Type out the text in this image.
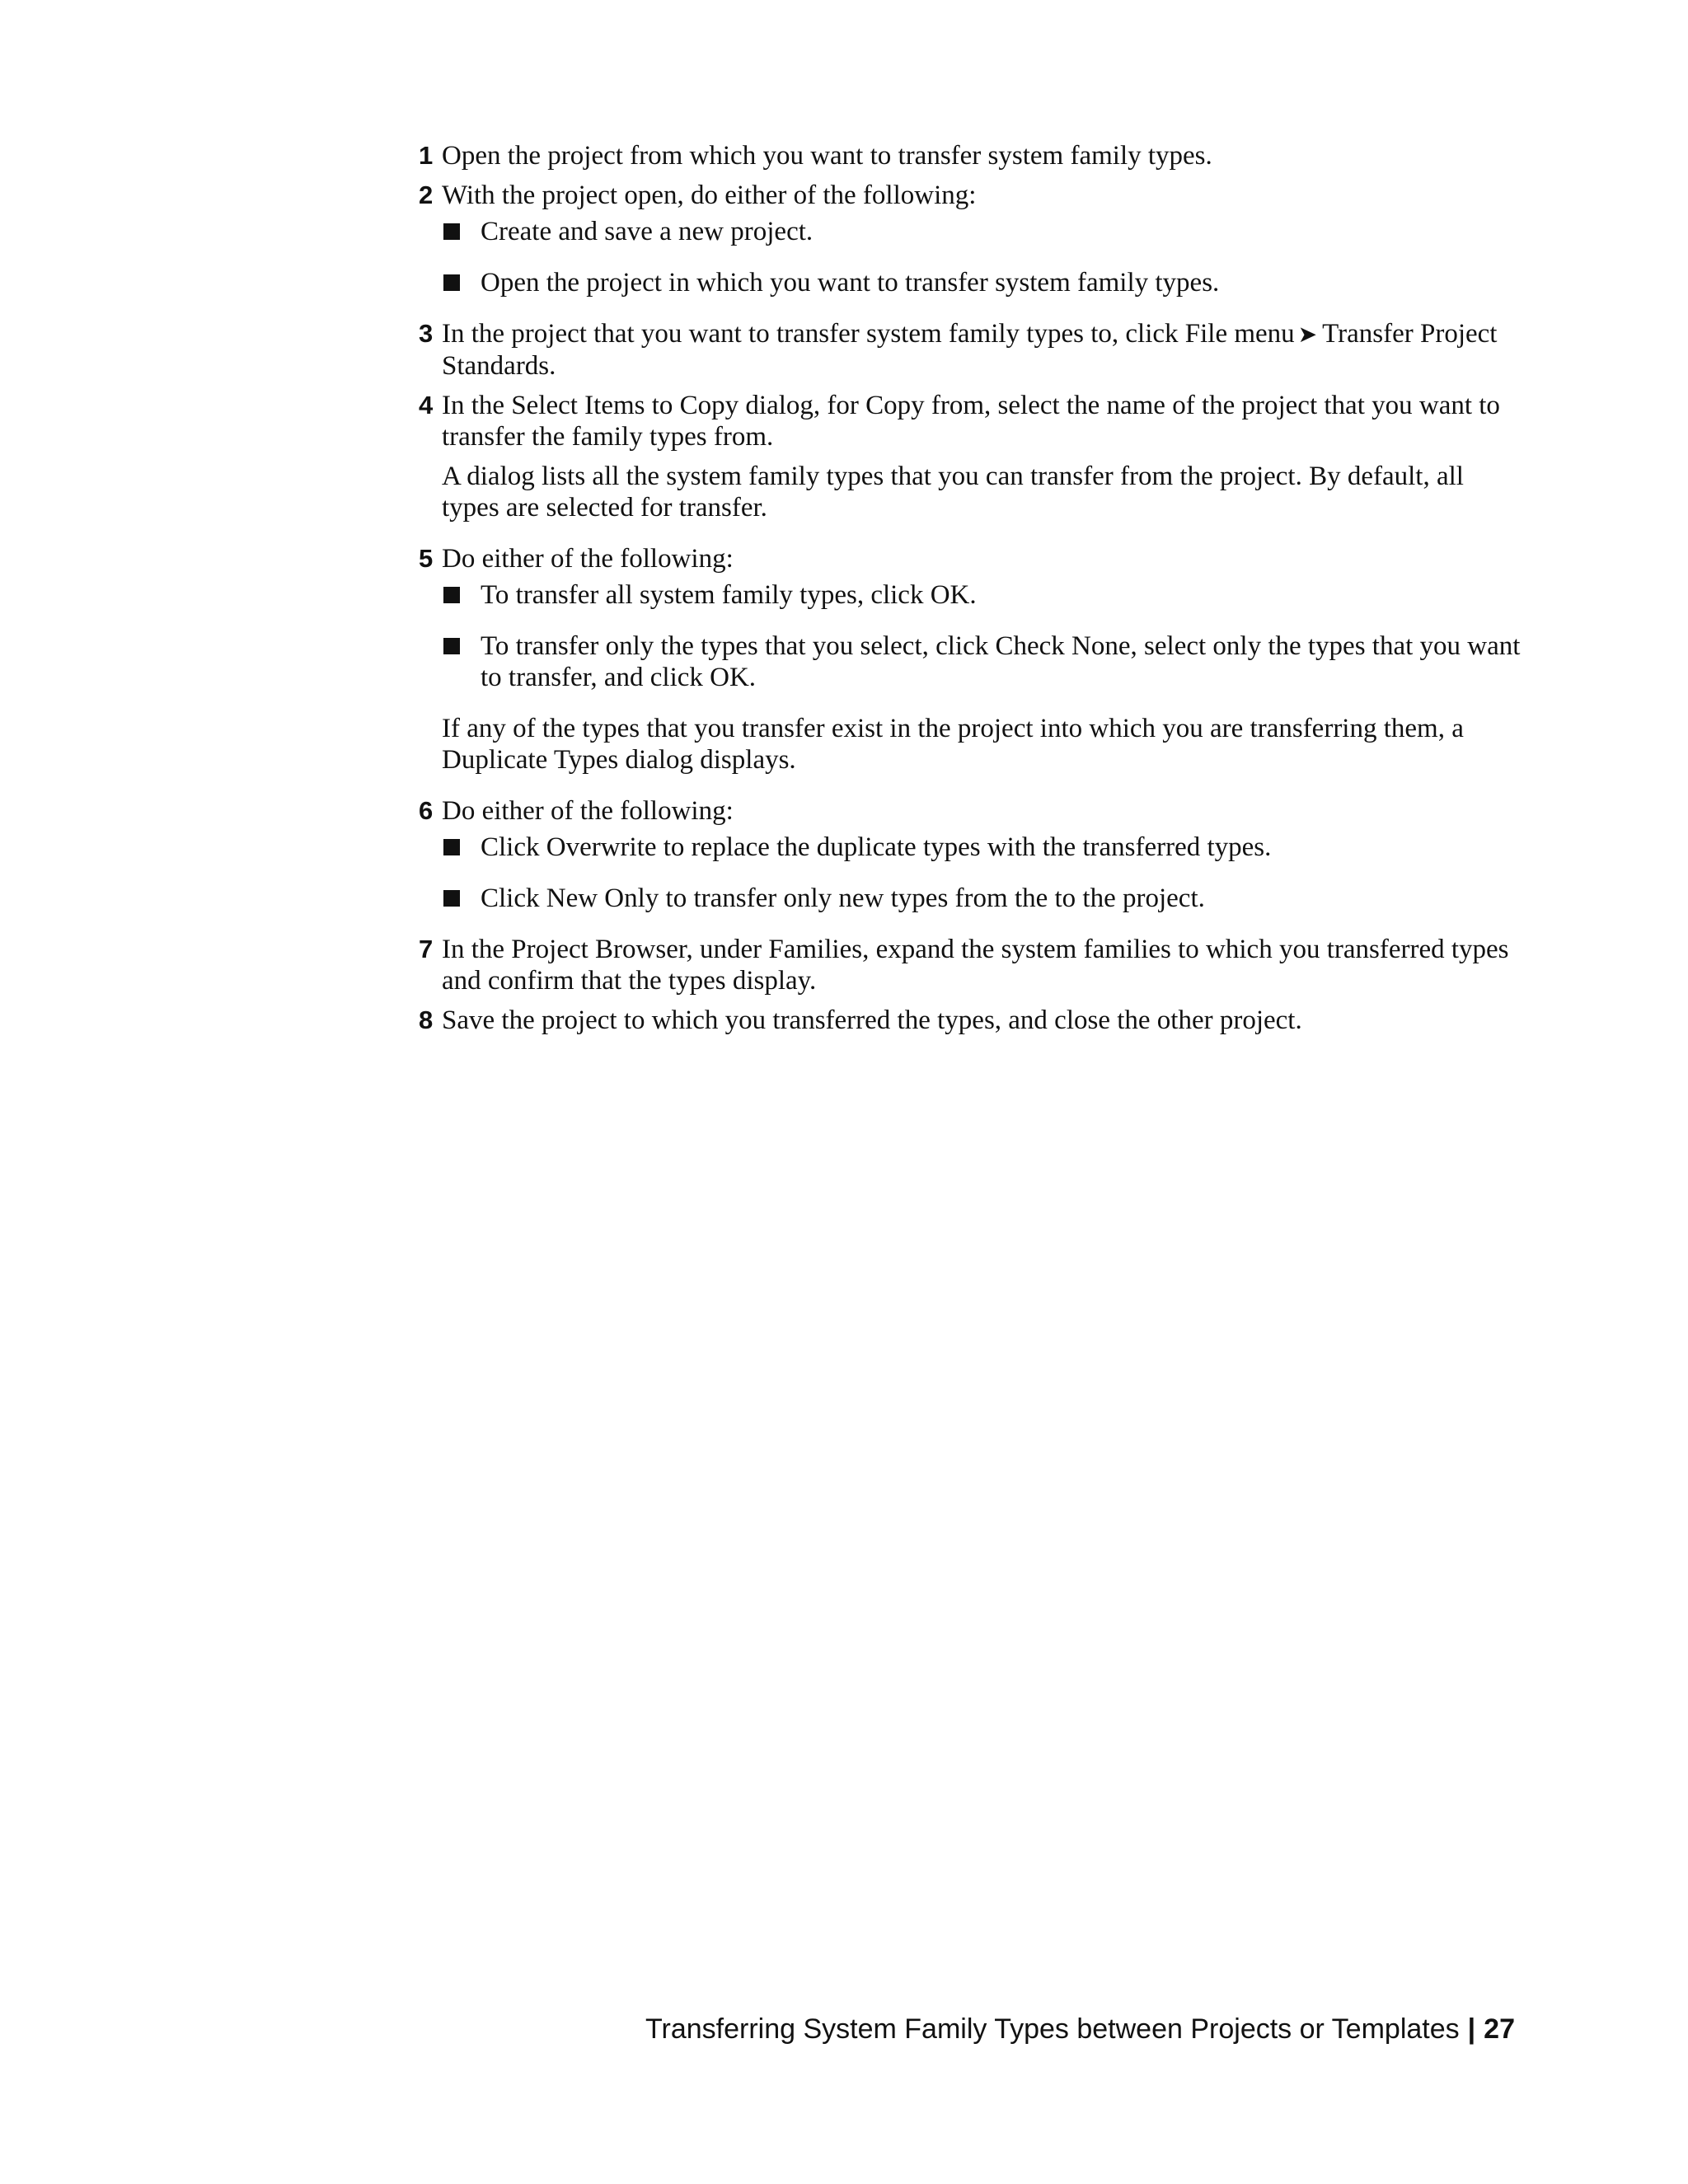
1 Open the project from which you want to transfer system family types.
2 With the project open, do either of the following:
Create and save a new project.
Open the project in which you want to transfer system family types.
3 In the project that you want to transfer system family types to, click File menu ➤ Transfer Project Standards.
4 In the Select Items to Copy dialog, for Copy from, select the name of the project that you want to transfer the family types from.

A dialog lists all the system family types that you can transfer from the project. By default, all types are selected for transfer.

5 Do either of the following:
To transfer all system family types, click OK.
To transfer only the types that you select, click Check None, select only the types that you want to transfer, and click OK.

If any of the types that you transfer exist in the project into which you are transferring them, a Duplicate Types dialog displays.

6 Do either of the following:
Click Overwrite to replace the duplicate types with the transferred types.
Click New Only to transfer only new types from the to the project.
7 In the Project Browser, under Families, expand the system families to which you transferred types and confirm that the types display.
8 Save the project to which you transferred the types, and close the other project.
Transferring System Family Types between Projects or Templates | 27
